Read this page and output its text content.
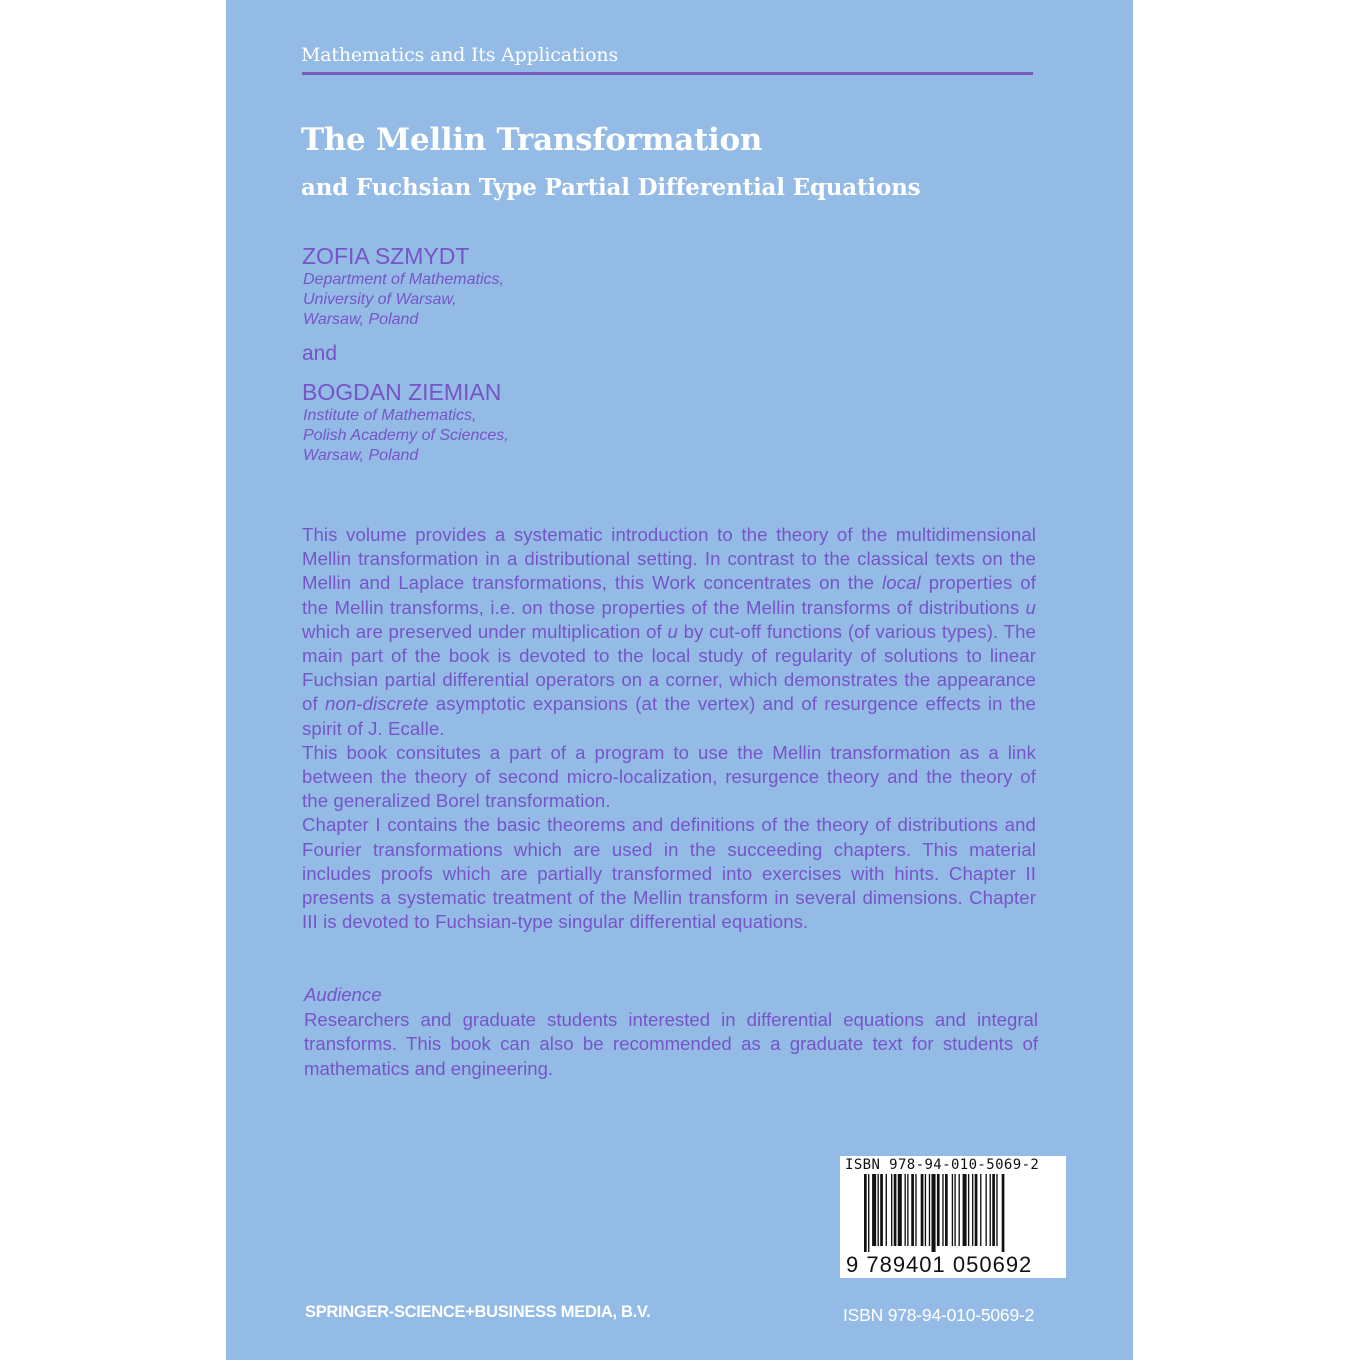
Mathematics and Its Applications
The Mellin Transformation
and Fuchsian Type Partial Differential Equations
ZOFIA SZMYDT
Department of Mathematics,
University of Warsaw,
Warsaw, Poland
and
BOGDAN ZIEMIAN
Institute of Mathematics,
Polish Academy of Sciences,
Warsaw, Poland

This volume provides a systematic introduction to the theory of the multidimensional Mellin transformation in a distributional setting. In contrast to the classical texts on the Mellin and Laplace transformations, this Work concentrates on the local properties of the Mellin transforms, i.e. on those properties of the Mellin transforms of distributions u which are preserved under multiplication of u by cut-off functions (of various types). The main part of the book is devoted to the local study of regularity of solutions to linear Fuchsian partial differential operators on a corner, which demonstrates the appearance of non-discrete asymptotic expansions (at the vertex) and of resurgence effects in the spirit of J. Ecalle.

This book consitutes a part of a program to use the Mellin transformation as a link between the theory of second micro-localization, resurgence theory and the theory of the generalized Borel transformation.

Chapter I contains the basic theorems and definitions of the theory of distributions and Fourier transformations which are used in the succeeding chapters. This material includes proofs which are partially transformed into exercises with hints. Chapter II presents a systematic treatment of the Mellin transform in several dimensions. Chapter III is devoted to Fuchsian-type singular differential equations.

Audience
Researchers and graduate students interested in differential equations and integral transforms. This book can also be recommended as a graduate text for students of mathematics and engineering.
ISBN 978-94-010-5069-2
9 789401 050692
SPRINGER-SCIENCE+BUSINESS MEDIA, B.V.	ISBN 978-94-010-5069-2
